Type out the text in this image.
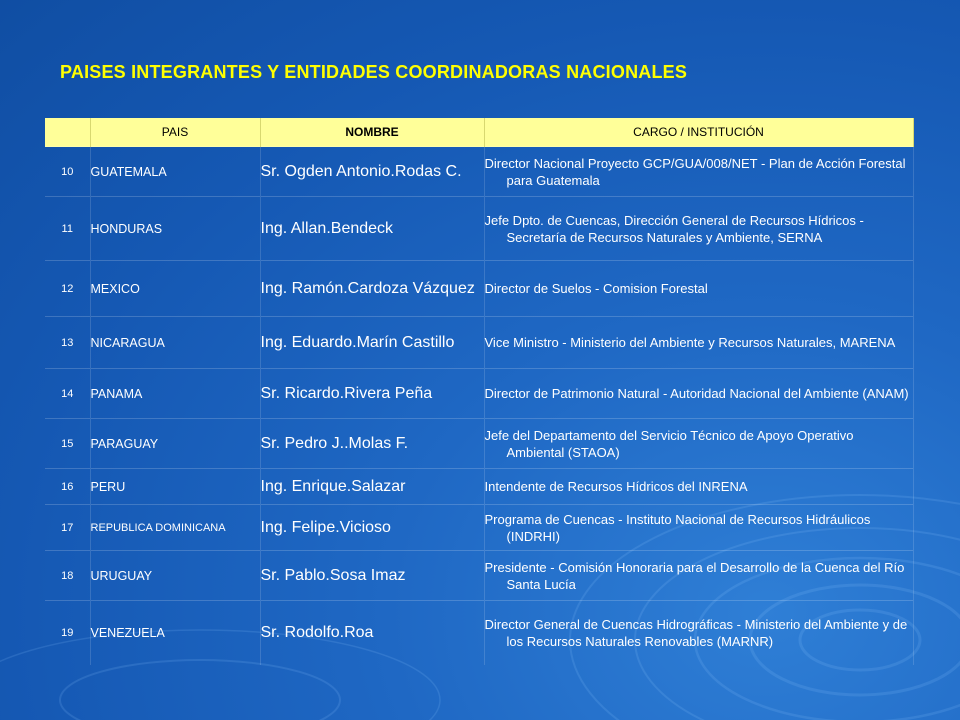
PAISES INTEGRANTES Y ENTIDADES COORDINADORAS NACIONALES
	PAIS	NOMBRE	CARGO / INSTITUCIÓN
10	GUATEMALA	Sr. Ogden Antonio.Rodas C.	Director Nacional Proyecto GCP/GUA/008/NET - Plan de Acción Forestal para Guatemala

11	HONDURAS	Ing. Allan.Bendeck	Jefe Dpto. de Cuencas, Dirección General de Recursos Hídricos - Secretaría de Recursos Naturales y Ambiente, SERNA

12	MEXICO	Ing. Ramón.Cardoza Vázquez	Director de Suelos - Comision Forestal

13	NICARAGUA	Ing. Eduardo.Marín Castillo	Vice Ministro - Ministerio del Ambiente y Recursos Naturales, MARENA

14	PANAMA	Sr. Ricardo.Rivera Peña	Director de Patrimonio Natural - Autoridad Nacional del Ambiente (ANAM)

15	PARAGUAY	Sr. Pedro J..Molas F.	Jefe del Departamento del Servicio Técnico de Apoyo Operativo Ambiental (STAOA)

16	PERU	Ing. Enrique.Salazar	Intendente de Recursos Hídricos del INRENA

17	REPUBLICA DOMINICANA	Ing. Felipe.Vicioso	Programa de Cuencas - Instituto Nacional de Recursos Hidráulicos (INDRHI)

18	URUGUAY	Sr. Pablo.Sosa Imaz	Presidente - Comisión Honoraria para el Desarrollo de la Cuenca del Río Santa Lucía

19	VENEZUELA	Sr. Rodolfo.Roa	Director General de Cuencas Hidrográficas - Ministerio del Ambiente y de los Recursos Naturales Renovables (MARNR)
